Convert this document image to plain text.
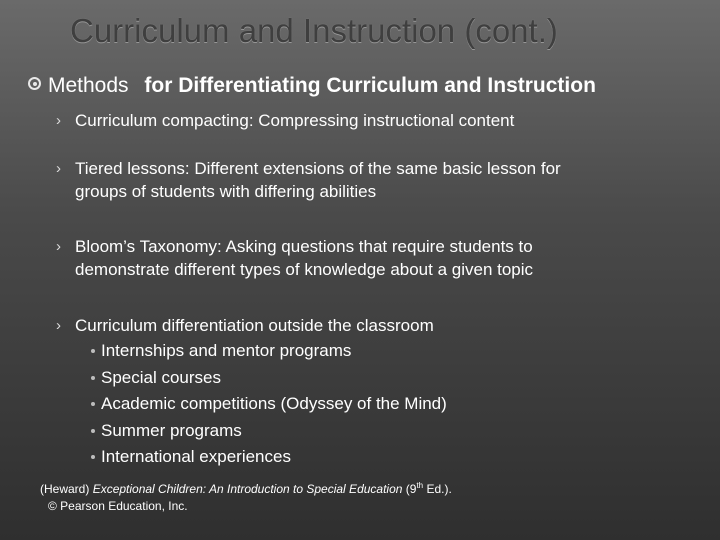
Curriculum and Instruction (cont.)
Methods for Differentiating Curriculum and Instruction
› Curriculum compacting: Compressing instructional content
› Tiered lessons: Different extensions of the same basic lesson for
groups of students with differing abilities
› Bloom’s Taxonomy: Asking questions that require students to
demonstrate different types of knowledge about a given topic
› Curriculum differentiation outside the classroom
Internships and mentor programs
Special courses
Academic competitions (Odyssey of the Mind)
Summer programs
International experiences
(Heward) Exceptional Children: An Introduction to Special Education (9th Ed.).
© Pearson Education, Inc.
